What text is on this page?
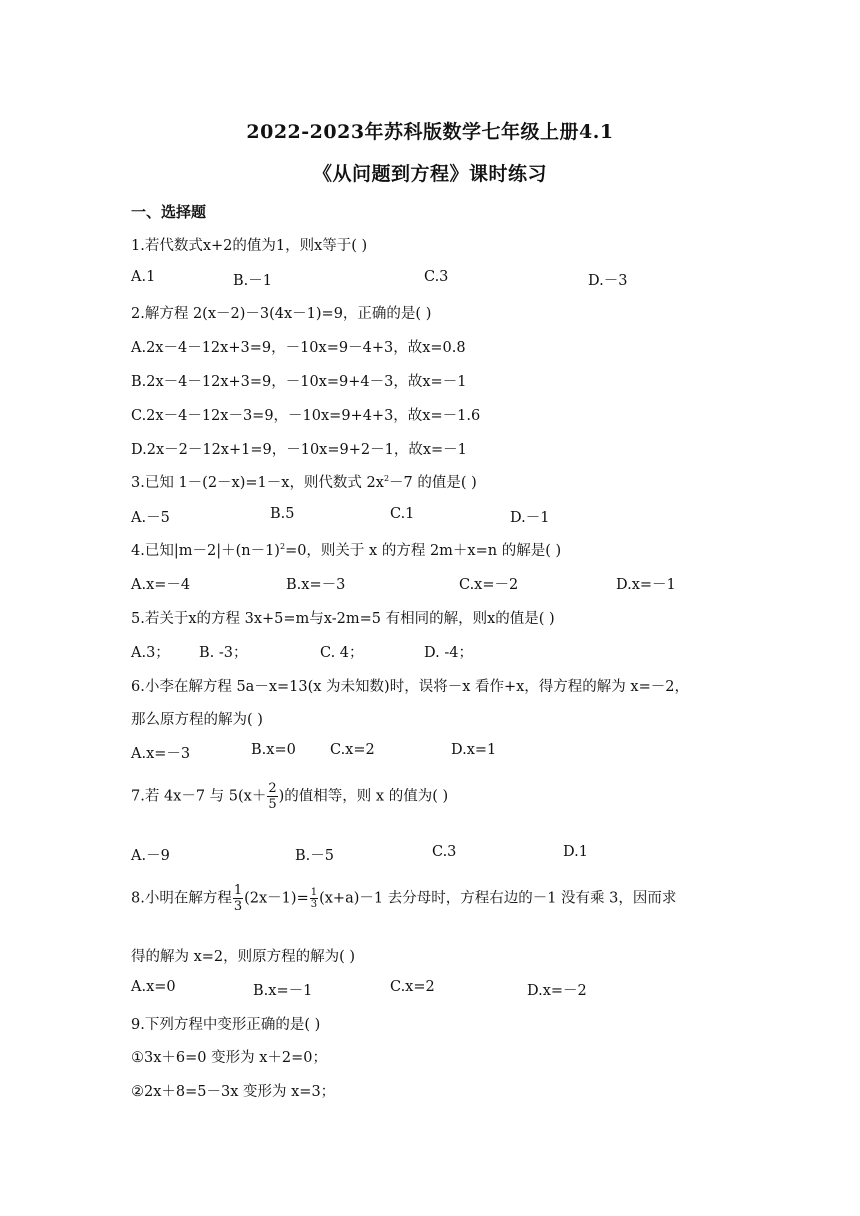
2022-2023年苏科版数学七年级上册4.1
《从问题到方程》课时练习
一、选择题
1.若代数式x+2的值为1，则x等于( )
A.1	B.－1	C.3	D.－3
2.解方程 2(x－2)－3(4x－1)=9，正确的是( )
A.2x－4－12x+3=9，－10x=9－4+3，故x=0.8
B.2x－4－12x+3=9，－10x=9+4－3，故x=－1
C.2x－4－12x－3=9，－10x=9+4+3，故x=－1.6
D.2x－2－12x+1=9，－10x=9+2－1，故x=－1
3.已知 1－(2－x)=1－x，则代数式 $2x^2-7$ 的值是( )
A.－5	B.5	C.1	D.－1
4.已知$|m-2|+(n-1)^2=0$，则关于 x 的方程 2m＋x=n 的解是( )
A.x=－4	B.x=－3	C.x=－2	D.x=－1
5.若关于x的方程 3x+5=m与x-2m=5 有相同的解，则x的值是( )
A.3； B. -3；	C. 4；	D. -4；
6.小李在解方程 5a－x=13(x 为未知数)时，误将－x 看作+x，得方程的解为 x=－2，
那么原方程的解为( )
A.x=－3	B.x=0 C.x=2	D.x=1
7.若 4x－7 与 $5(x+ \frac{2}{5}$ )的值相等，则 x 的值为( )
A.－9	B.－5	C.3	D.1
8.小明在解方程 $\frac{1}{3} (2x-1)= \frac{1}{3} (x+a)-1$ 去分母时，方程右边的－1 没有乘 3，因而求
得的解为 x=2，则原方程的解为( )
A.x=0	B.x=－1	C.x=2	D.x=－2
9.下列方程中变形正确的是( )
①3x＋6=0 变形为 x＋2=0；
②2x＋8=5－3x 变形为 x=3；
